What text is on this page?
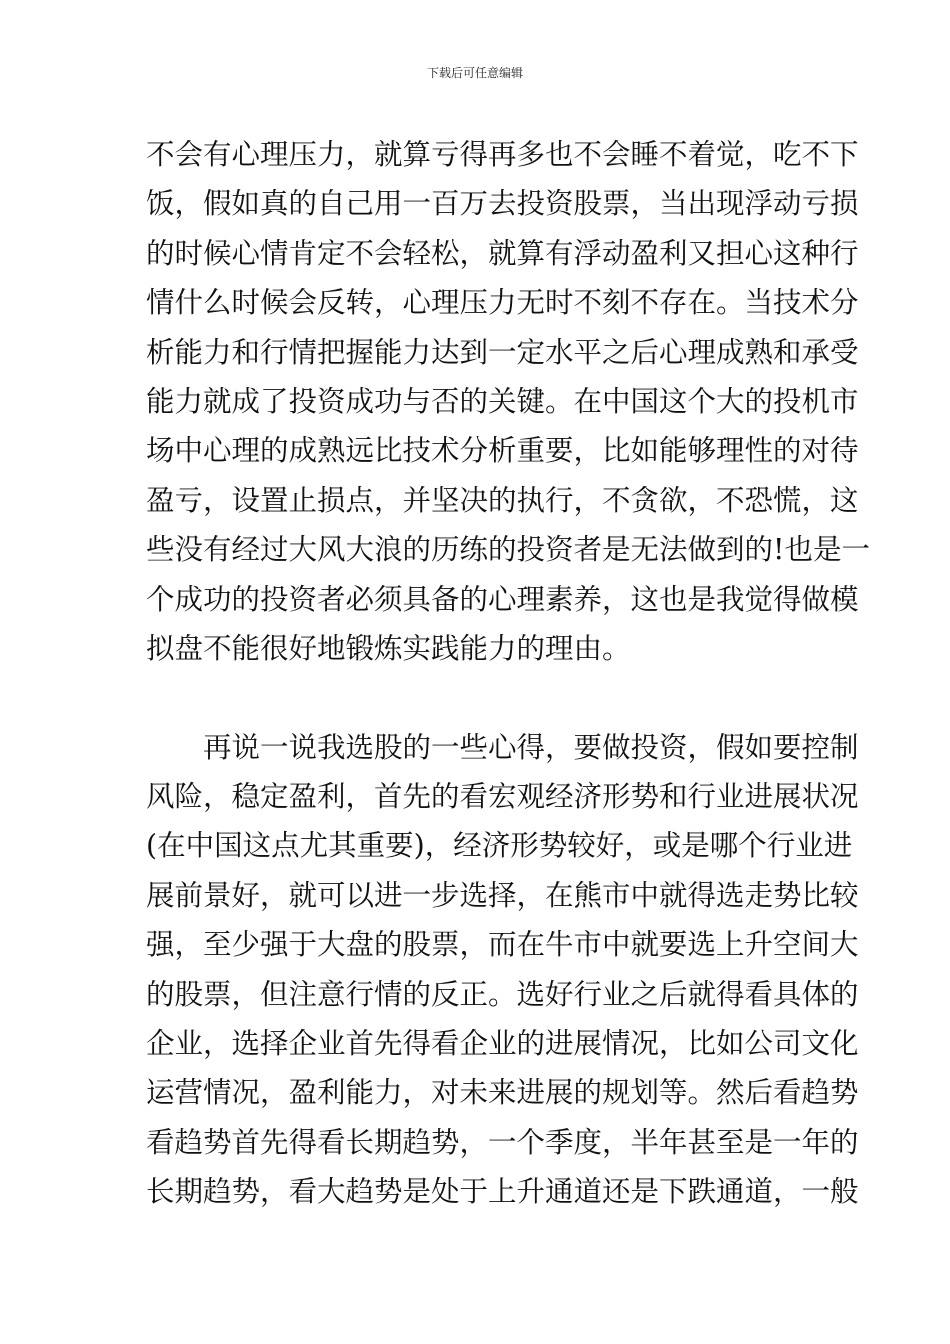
下载后可任意编辑
不会有心理压力，就算亏得再多也不会睡不着觉，吃不下
饭，假如真的自己用一百万去投资股票，当出现浮动亏损
的时候心情肯定不会轻松，就算有浮动盈利又担心这种行
情什么时候会反转，心理压力无时不刻不存在。当技术分
析能力和行情把握能力达到一定水平之后心理成熟和承受
能力就成了投资成功与否的关键。在中国这个大的投机市
场中心理的成熟远比技术分析重要，比如能够理性的对待
盈亏，设置止损点，并坚决的执行，不贪欲，不恐慌，这
些没有经过大风大浪的历练的投资者是无法做到的!也是一
个成功的投资者必须具备的心理素养，这也是我觉得做模
拟盘不能很好地锻炼实践能力的理由。
再说一说我选股的一些心得，要做投资，假如要控制
风险，稳定盈利，首先的看宏观经济形势和行业进展状况
(在中国这点尤其重要)，经济形势较好，或是哪个行业进
展前景好，就可以进一步选择，在熊市中就得选走势比较
强，至少强于大盘的股票，而在牛市中就要选上升空间大
的股票，但注意行情的反正。选好行业之后就得看具体的
企业，选择企业首先得看企业的进展情况，比如公司文化
运营情况，盈利能力，对未来进展的规划等。然后看趋势
看趋势首先得看长期趋势，一个季度，半年甚至是一年的
长期趋势，看大趋势是处于上升通道还是下跌通道，一般
